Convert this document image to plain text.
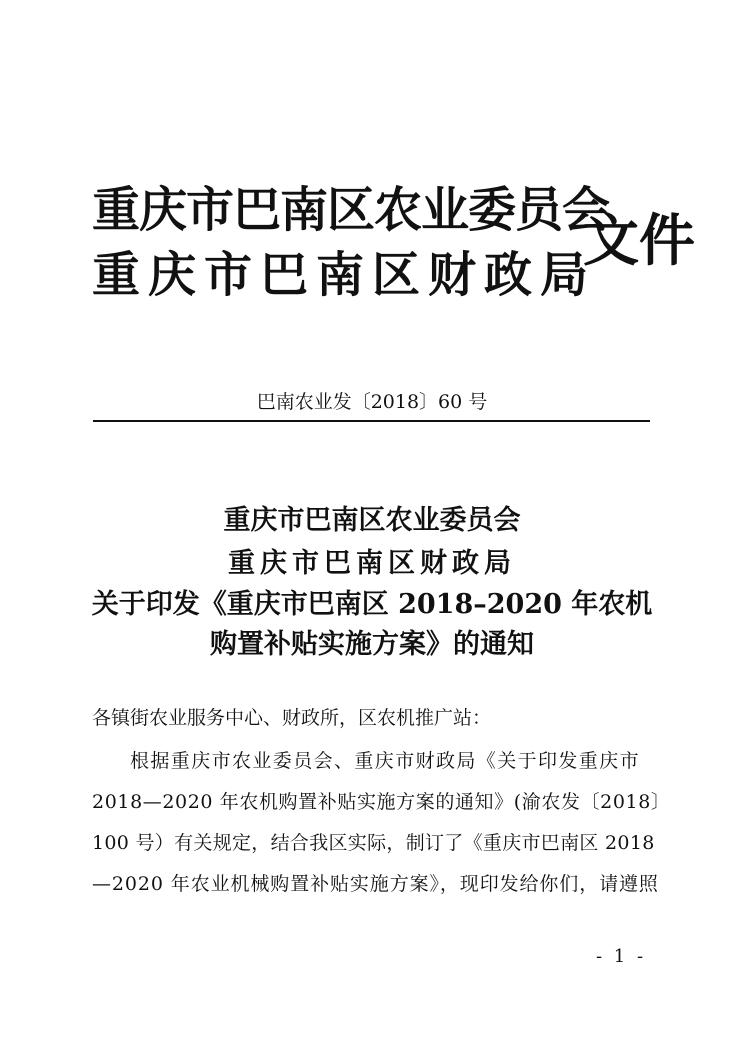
重庆市巴南区农业委员会
重庆市巴南区财政局
文件
巴南农业发〔2018〕60 号
重庆市巴南区农业委员会
重庆市巴南区财政局
关于印发《重庆市巴南区 2018–2020 年农机
购置补贴实施方案》的通知
各镇街农业服务中心、财政所，区农机推广站：
根据重庆市农业委员会、重庆市财政局《关于印发重庆市
2018—2020 年农机购置补贴实施方案的通知》(渝农发〔2018〕
100 号）有关规定，结合我区实际，制订了《重庆市巴南区 2018
—2020 年农业机械购置补贴实施方案》，现印发给你们，请遵照
- 1 -
